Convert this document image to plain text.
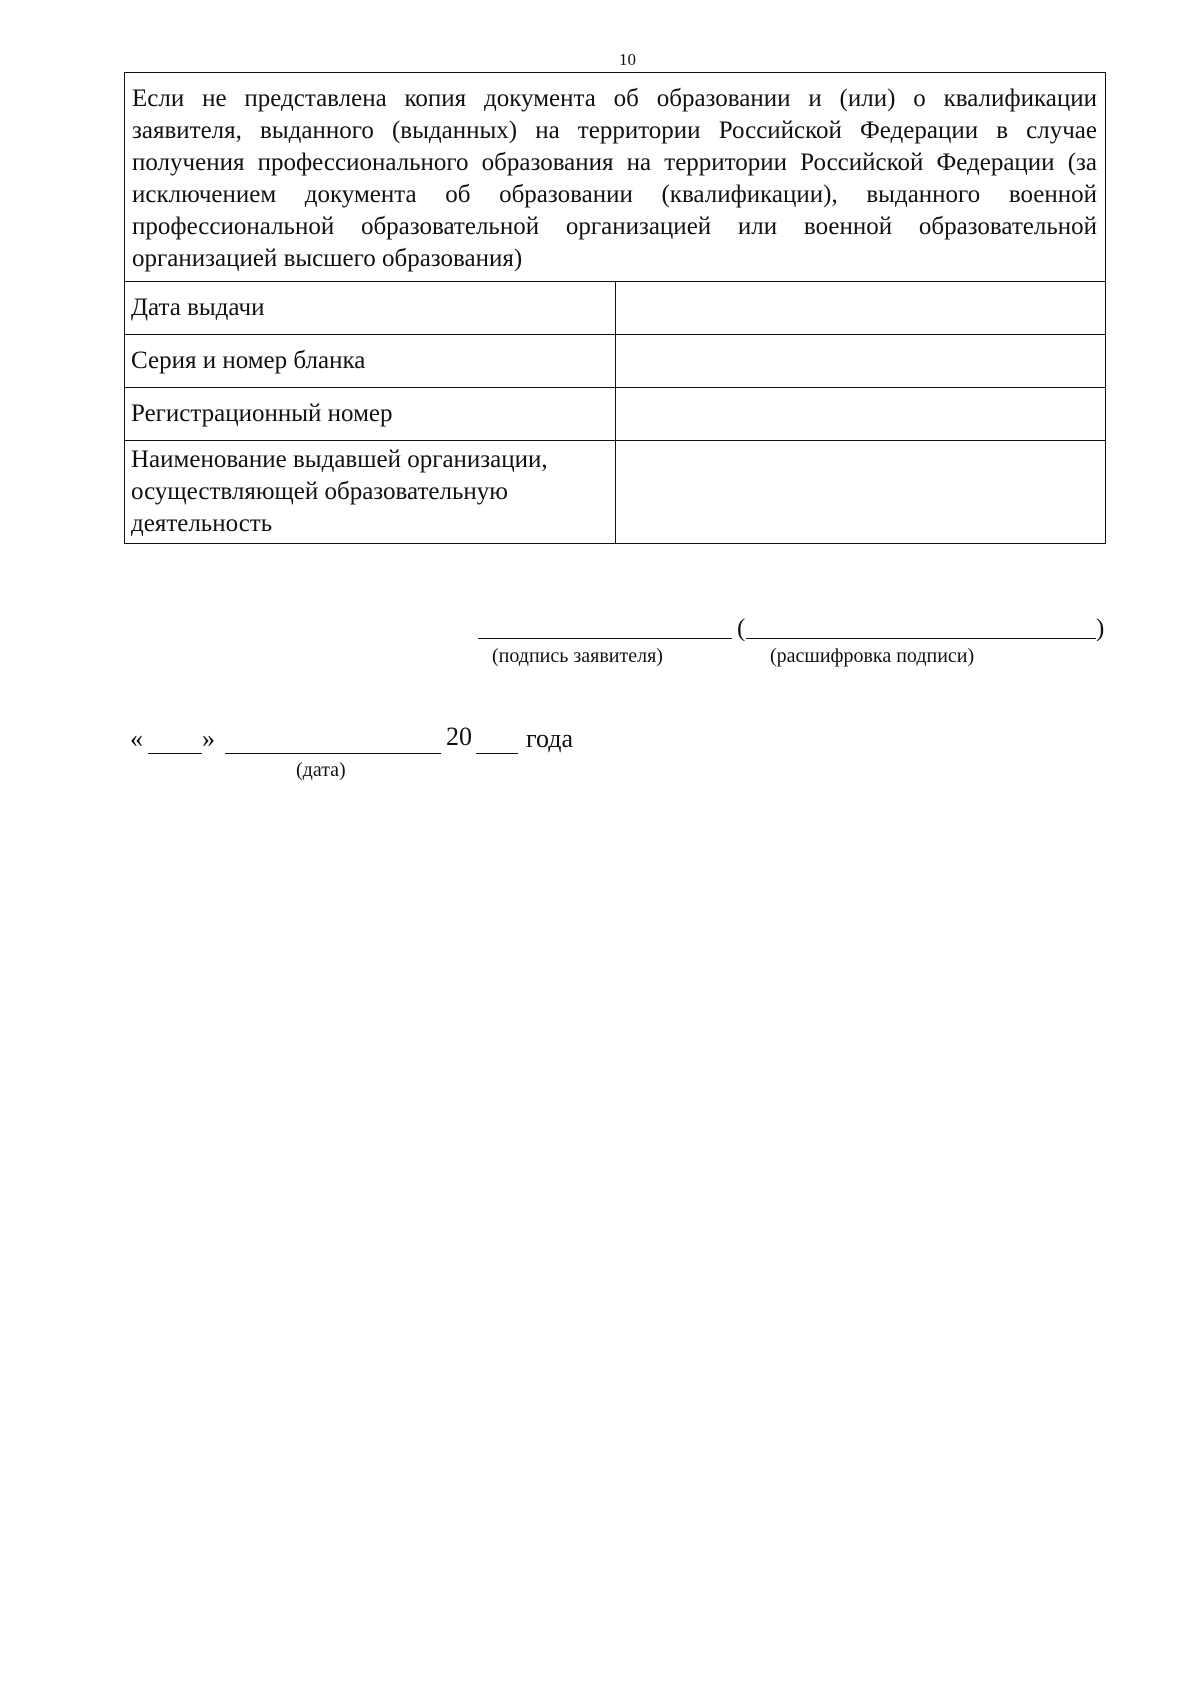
10
Если не представлена копия документа об образовании и (или) о квалификации заявителя, выданного (выданных) на территории Российской Федерации в случае получения профессионального образования на территории Российской Федерации (за исключением документа об образовании (квалификации), выданного военной профессиональной образовательной организацией или военной образовательной организацией высшего образования)	
Дата выдачи	
Серия и номер бланка	
Регистрационный номер	
Наименование выдавшей организации, осуществляющей образовательную деятельность	
(	)
(подпись заявителя)	(расшифровка подписи)
« »	20 года
(дата)
